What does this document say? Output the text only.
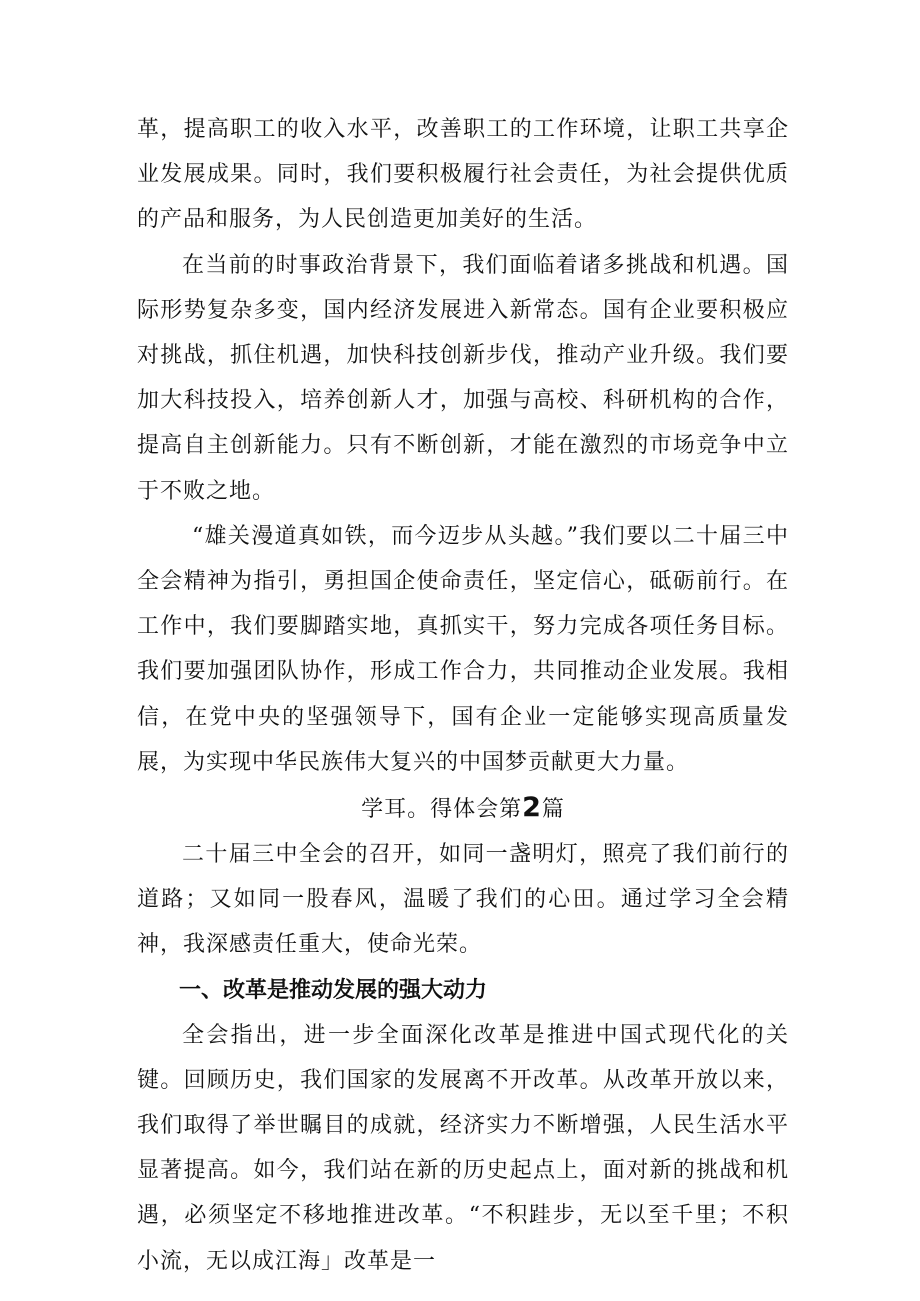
革，提高职工的收入水平，改善职工的工作环境，让职工共享企业发展成果。同时，我们要积极履行社会责任，为社会提供优质的产品和服务，为人民创造更加美好的生活。

在当前的时事政治背景下，我们面临着诸多挑战和机遇。国际形势复杂多变，国内经济发展进入新常态。国有企业要积极应对挑战，抓住机遇，加快科技创新步伐，推动产业升级。我们要加大科技投入，培养创新人才，加强与高校、科研机构的合作，提高自主创新能力。只有不断创新，才能在激烈的市场竞争中立于不败之地。

“雄关漫道真如铁，而今迈步从头越。”我们要以二十届三中全会精神为指引，勇担国企使命责任，坚定信心，砥砺前行。在工作中，我们要脚踏实地，真抓实干，努力完成各项任务目标。我们要加强团队协作，形成工作合力，共同推动企业发展。我相信，在党中央的坚强领导下，国有企业一定能够实现高质量发展，为实现中华民族伟大复兴的中国梦贡献更大力量。

学耳。得体会第2篇

二十届三中全会的召开，如同一盏明灯，照亮了我们前行的道路；又如同一股春风，温暖了我们的心田。通过学习全会精神，我深感责任重大，使命光荣。

一、改革是推动发展的强大动力

全会指出，进一步全面深化改革是推进中国式现代化的关键。回顾历史，我们国家的发展离不开改革。从改革开放以来，我们取得了举世瞩目的成就，经济实力不断增强，人民生活水平显著提高。如今，我们站在新的历史起点上，面对新的挑战和机遇，必须坚定不移地推进改革。“不积跬步，无以至千里；不积小流，无以成江海」改革是一
